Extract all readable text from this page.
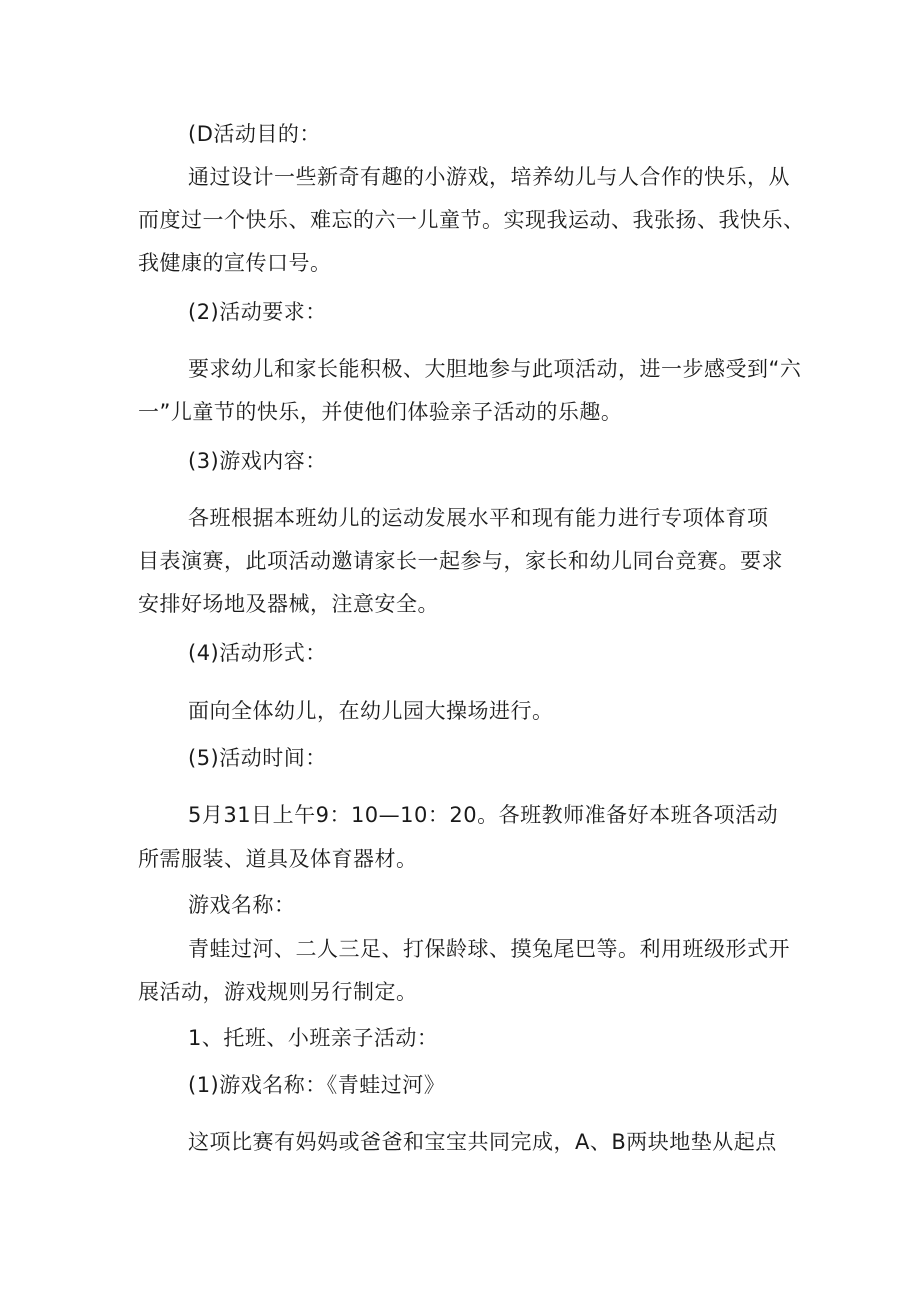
(D活动目的：
通过设计一些新奇有趣的小游戏，培养幼儿与人合作的快乐，从
而度过一个快乐、难忘的六一儿童节。实现我运动、我张扬、我快乐、
我健康的宣传口号。
(2)活动要求：
要求幼儿和家长能积极、大胆地参与此项活动，进一步感受到“六
一”儿童节的快乐，并使他们体验亲子活动的乐趣。
(3)游戏内容：
各班根据本班幼儿的运动发展水平和现有能力进行专项体育项
目表演赛，此项活动邀请家长一起参与，家长和幼儿同台竞赛。要求
安排好场地及器械，注意安全。
(4)活动形式：
面向全体幼儿，在幼儿园大操场进行。
(5)活动时间：
5月31日上午9：10—10：20。各班教师准备好本班各项活动
所需服装、道具及体育器材。
游戏名称：
青蛙过河、二人三足、打保龄球、摸兔尾巴等。利用班级形式开
展活动，游戏规则另行制定。
1、托班、小班亲子活动：
(1)游戏名称：《青蛙过河》
这项比赛有妈妈或爸爸和宝宝共同完成，A、B两块地垫从起点
